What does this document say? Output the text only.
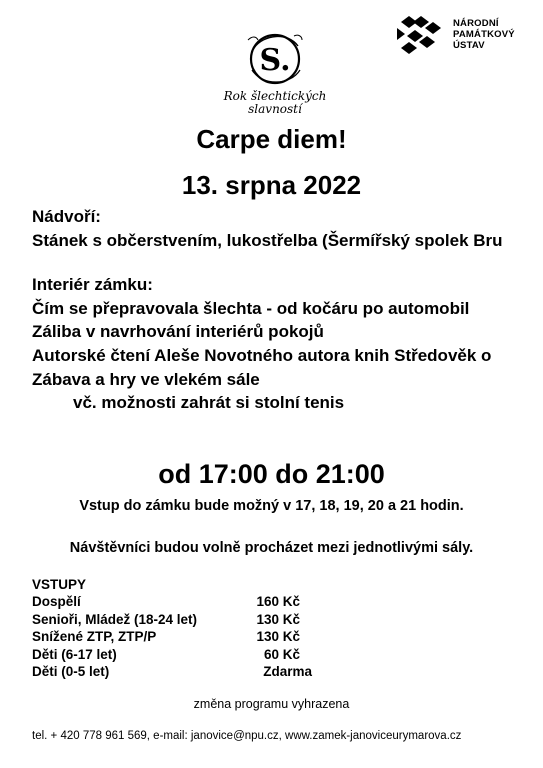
S.
Rok šlechtických
slavností
NÁRODNÍ
PAMÁTKOVÝ
ÚSTAV
Carpe diem!
13. srpna 2022
Nádvoří:
Stánek s občerstvením, lukostřelba (Šermířský spolek Bru
Interiér zámku:
Čím se přepravovala šlechta - od kočáru po automobil
Záliba v navrhování interiérů pokojů
Autorské čtení Aleše Novotného autora knih Středověk o
Zábava a hry ve vlekém sále
vč. možnosti zahrát si stolní tenis
od 17:00 do 21:00
Vstup do zámku bude možný v 17, 18, 19, 20 a 21 hodin.
Návštěvníci budou volně procházet mezi jednotlivými sály.
VSTUPY
Dospělí	160 Kč
Senioři, Mládež (18-24 let)	130 Kč
Snížené ZTP, ZTP/P	130 Kč
Děti (6-17 let)	60 Kč
Děti (0-5 let)	Zdarma
změna programu vyhrazena
tel. + 420 778 961 569, e-mail: janovice@npu.cz, www.zamek-janoviceurymarova.cz
